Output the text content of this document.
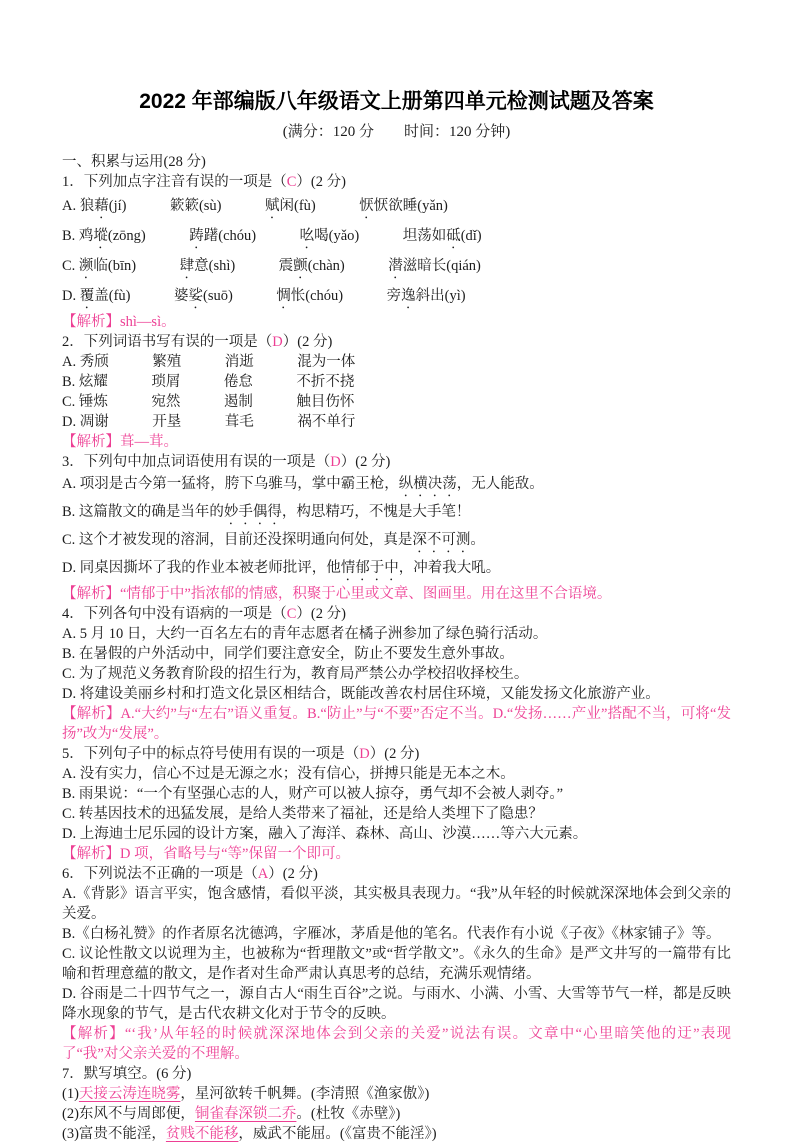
2022 年部编版八年级语文上册第四单元检测试题及答案

(满分：120 分　　时间：120 分钟)

一、积累与运用(28 分)

1．下列加点字注音有误的一项是（C）(2 分)

A. 狼藉(jí)　　　簌簌(sù)　　　赋闲(fù)　　　恹恹欲睡(yǎn)

B. 鸡㙡(zōng)　　　踌躇(chóu)　　　吆喝(yǎo)　　　坦荡如砥(dǐ)

C. 濒临(bīn)　　　肆意(shì)　　　震颤(chàn)　　　潜滋暗长(qián)

D. 覆盖(fù)　　　婆娑(suō)　　　惆怅(chóu)　　　旁逸斜出(yì)

【解析】shì—sì。

2．下列词语书写有误的一项是（D）(2 分)

A. 秀颀　　　繁殖　　　消逝　　　混为一体

B. 炫耀　　　琐屑　　　倦怠　　　不折不挠

C. 锤炼　　　宛然　　　遏制　　　触目伤怀

D. 凋谢　　　开垦　　　葺毛　　　祸不单行

【解析】葺—茸。

3．下列句中加点词语使用有误的一项是（D）(2 分)

A. 项羽是古今第一猛将，胯下乌骓马，掌中霸王枪，纵横决荡，无人能敌。

B. 这篇散文的确是当年的妙手偶得，构思精巧，不愧是大手笔！

C. 这个才被发现的溶洞，目前还没探明通向何处，真是深不可测。

D. 同桌因撕坏了我的作业本被老师批评，他情郁于中，冲着我大吼。

【解析】“情郁于中”指浓郁的情感，积聚于心里或文章、图画里。用在这里不合语境。

4．下列各句中没有语病的一项是（C）(2 分)

A. 5 月 10 日，大约一百名左右的青年志愿者在橘子洲参加了绿色骑行活动。

B. 在暑假的户外活动中，同学们要注意安全，防止不要发生意外事故。

C. 为了规范义务教育阶段的招生行为，教育局严禁公办学校招收择校生。

D. 将建设美丽乡村和打造文化景区相结合，既能改善农村居住环境，又能发扬文化旅游产业。

【解析】A.“大约”与“左右”语义重复。B.“防止”与“不要”否定不当。D.“发扬……产业”搭配不当，可将“发扬”改为“发展”。

5．下列句子中的标点符号使用有误的一项是（D）(2 分)

A. 没有实力，信心不过是无源之水；没有信心，拼搏只能是无本之木。

B. 雨果说：“一个有坚强心志的人，财产可以被人掠夺，勇气却不会被人剥夺。”

C. 转基因技术的迅猛发展，是给人类带来了福祉，还是给人类埋下了隐患？

D. 上海迪士尼乐园的设计方案，融入了海洋、森林、高山、沙漠……等六大元素。

【解析】D 项，省略号与“等”保留一个即可。

6．下列说法不正确的一项是（A）(2 分)

A.《背影》语言平实，饱含感情，看似平淡，其实极具表现力。“我”从年轻的时候就深深地体会到父亲的关爱。

B.《白杨礼赞》的作者原名沈德鸿，字雁冰，茅盾是他的笔名。代表作有小说《子夜》《林家铺子》等。

C. 议论性散文以说理为主，也被称为“哲理散文”或“哲学散文”。《永久的生命》是严文井写的一篇带有比喻和哲理意蕴的散文，是作者对生命严肃认真思考的总结，充满乐观情绪。

D. 谷雨是二十四节气之一，源自古人“雨生百谷”之说。与雨水、小满、小雪、大雪等节气一样，都是反映降水现象的节气，是古代农耕文化对于节令的反映。

【解析】“‘我’从年轻的时候就深深地体会到父亲的关爱”说法有误。文章中“心里暗笑他的迂”表现了“我”对父亲关爱的不理解。

7．默写填空。(6 分)

(1)天接云涛连晓雾，星河欲转千帆舞。(李清照《渔家傲》)

(2)东风不与周郎便，铜雀春深锁二乔。(杜牧《赤壁》)

(3)富贵不能淫，贫贱不能移，威武不能屈。(《富贵不能淫》)
